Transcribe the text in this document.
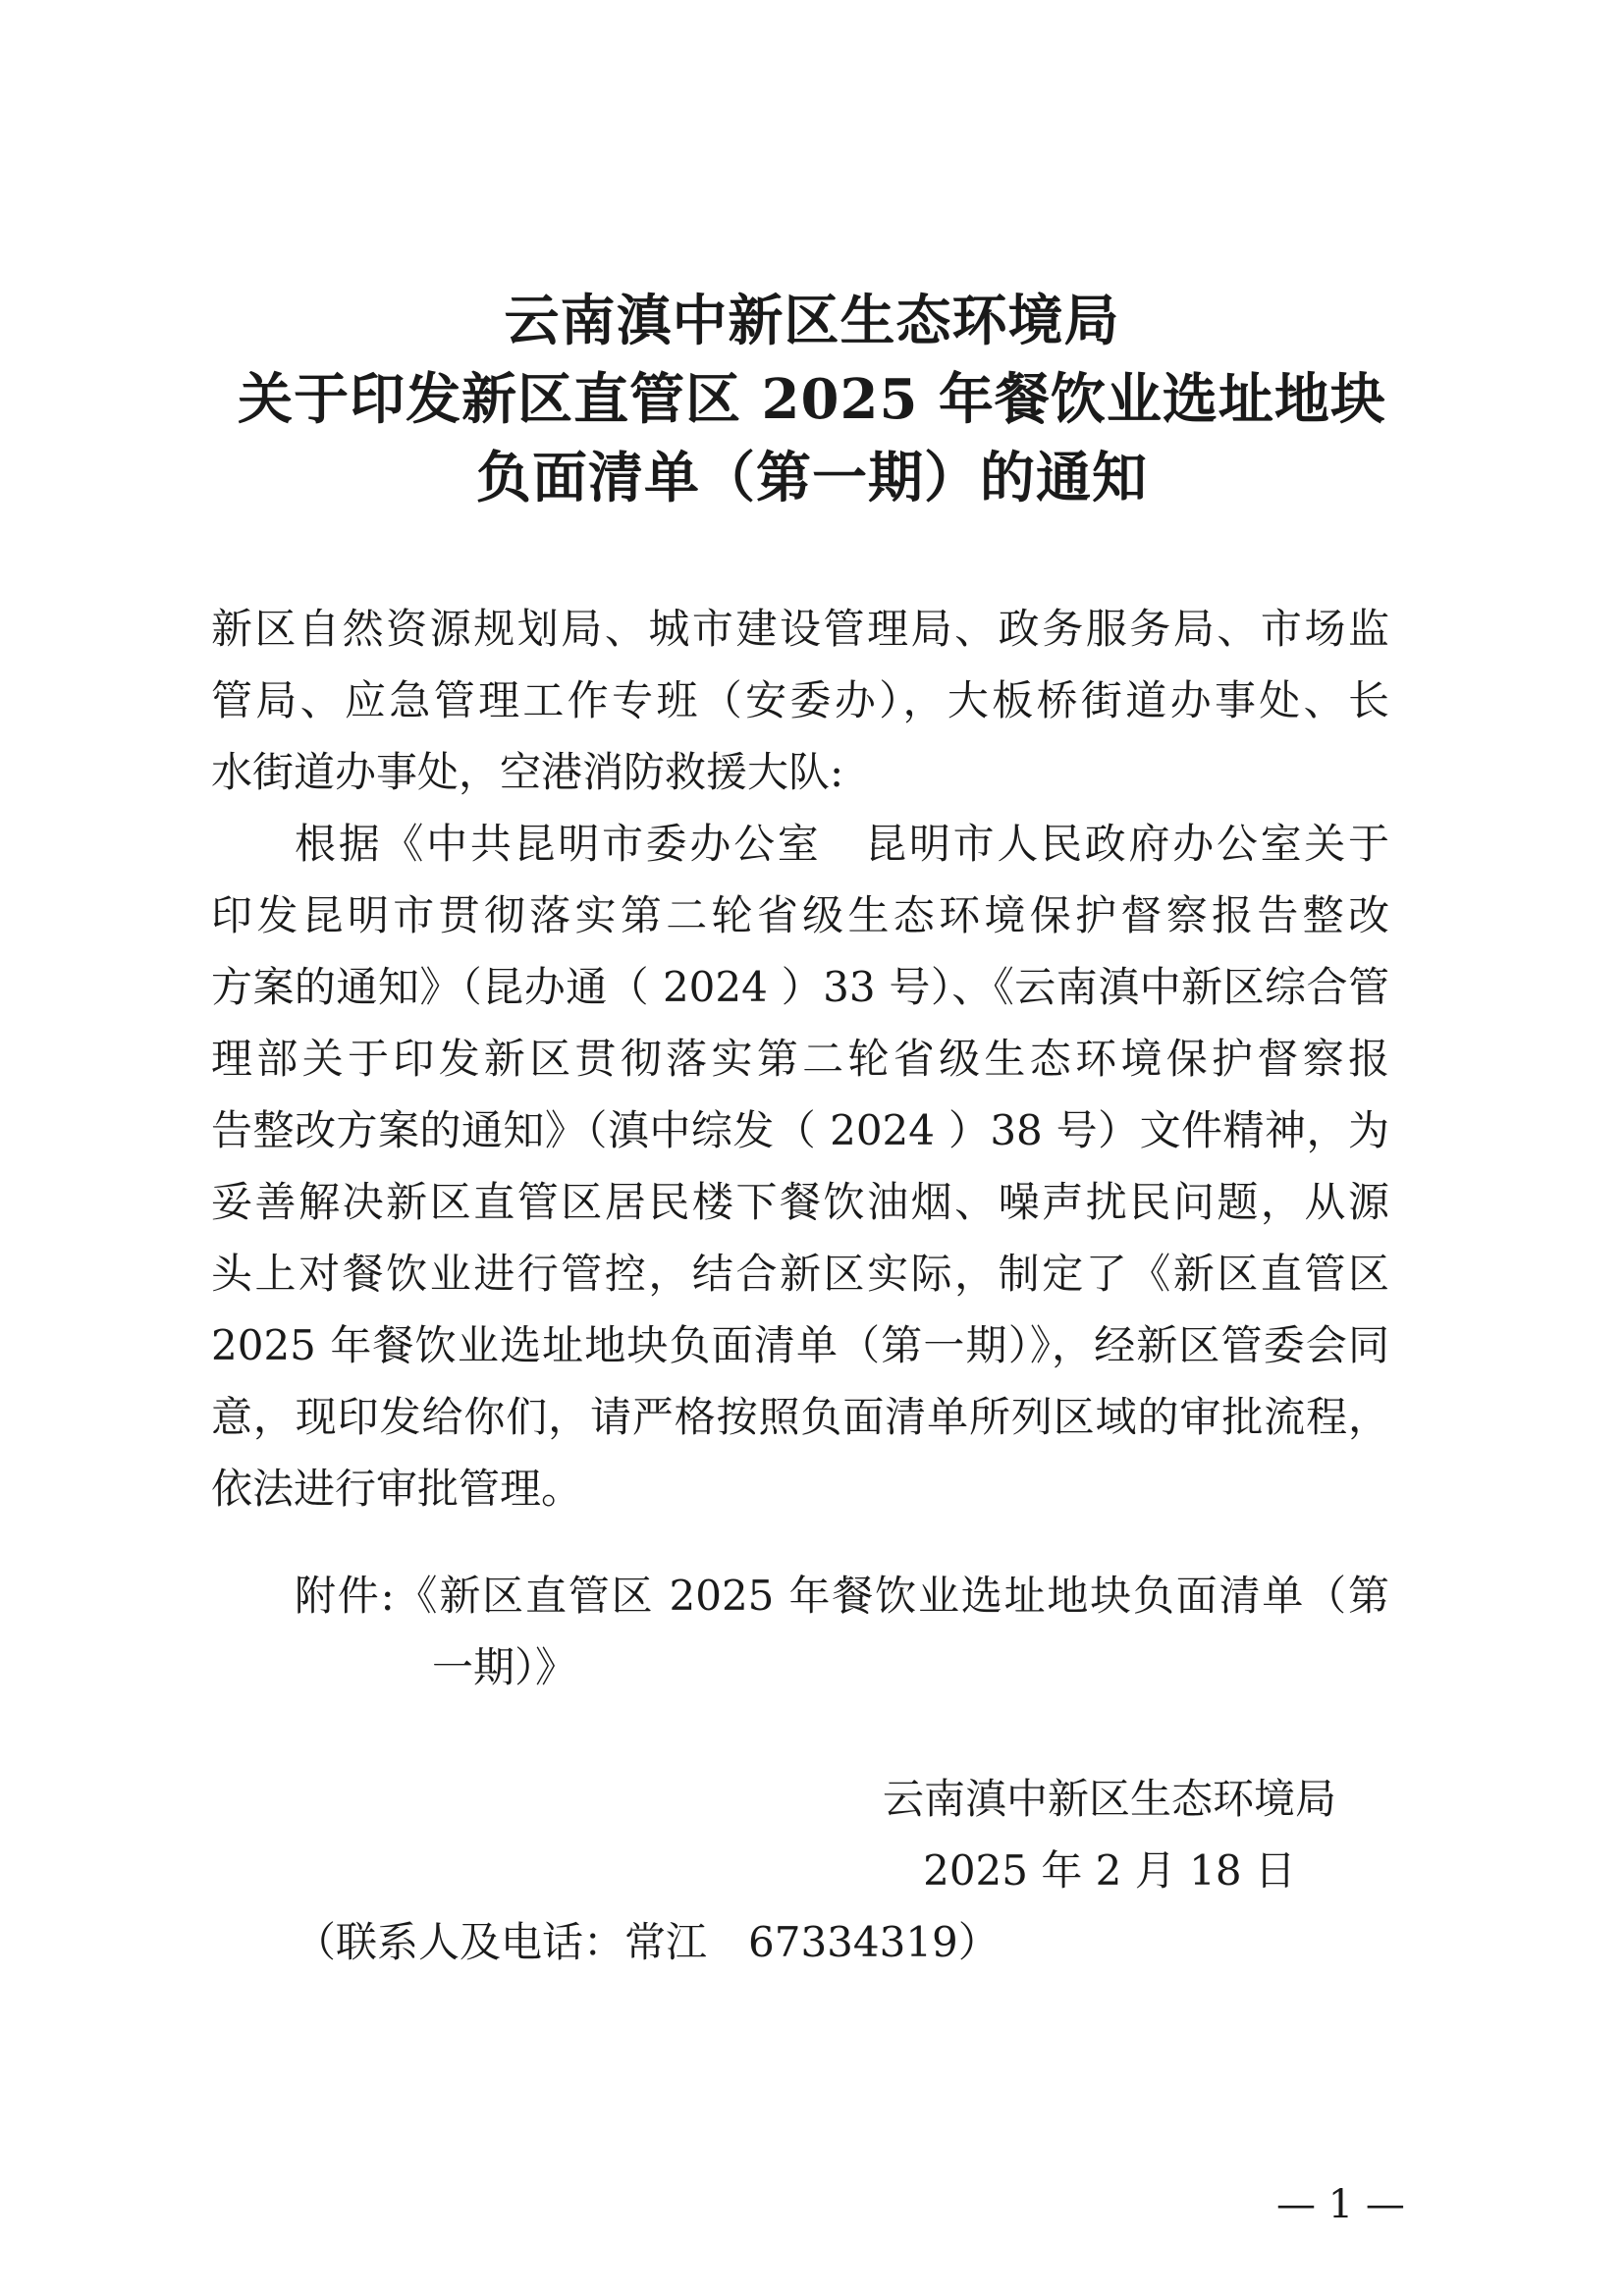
云南滇中新区生态环境局
关于印发新区直管区 2025 年餐饮业选址地块
负面清单（第一期）的通知
新区自然资源规划局、城市建设管理局、政务服务局、市场监
管局、应急管理工作专班（安委办），大板桥街道办事处、长
水街道办事处，空港消防救援大队:
根据《中共昆明市委办公室　昆明市人民政府办公室关于
印发昆明市贯彻落实第二轮省级生态环境保护督察报告整改
方案的通知》（昆办通（ 2024 ）33 号）、《云南滇中新区综合管
理部关于印发新区贯彻落实第二轮省级生态环境保护督察报
告整改方案的通知》（滇中综发（ 2024 ）38 号）文件精神，为
妥善解决新区直管区居民楼下餐饮油烟、噪声扰民问题，从源
头上对餐饮业进行管控，结合新区实际，制定了《新区直管区
2025 年餐饮业选址地块负面清单（第一期）》，经新区管委会同
意，现印发给你们，请严格按照负面清单所列区域的审批流程，
依法进行审批管理。
附件:《新区直管区 2025 年餐饮业选址地块负面清单（第
一期）》
云南滇中新区生态环境局
2025 年 2 月 18 日
（联系人及电话：常江　67334319）
— 1 —
